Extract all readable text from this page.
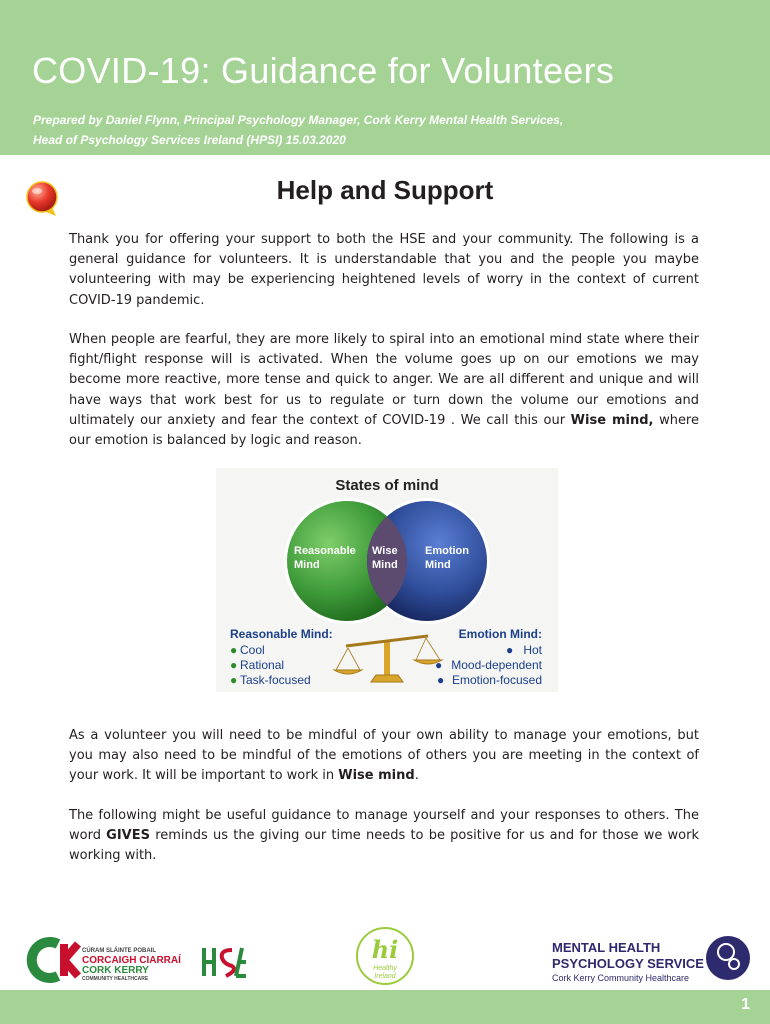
COVID-19: Guidance for Volunteers
Prepared by Daniel Flynn, Principal Psychology Manager, Cork Kerry Mental Health Services,
Head of Psychology Services Ireland (HPSI) 15.03.2020
Help and Support

Thank you for offering your support to both the HSE and your community. The following is a general guidance for volunteers. It is understandable that you and the people you maybe volunteering with may be experiencing heightened levels of worry in the context of current COVID-19 pandemic.

When people are fearful, they are more likely to spiral into an emotional mind state where their fight/flight response will is activated. When the volume goes up on our emotions we may become more reactive, more tense and quick to anger. We are all different and unique and will have ways that work best for us to regulate or turn down the volume our emotions and ultimately our anxiety and fear the context of COVID-19 . We call this our Wise mind, where our emotion is balanced by logic and reason.

States of mind
Reasonable
Mind
Wise
Mind
Emotion
Mind
Reasonable Mind:
● Cool
● Rational
● Task-focused
Emotion Mind:
Hot
Mood-dependent
Emotion-focused
●
●
●

As a volunteer you will need to be mindful of your own ability to manage your emotions, but you may also need to be mindful of the emotions of others you are meeting in the context of your work. It will be important to work in Wise mind.

The following might be useful guidance to manage yourself and your responses to others. The word GIVES reminds us the giving our time needs to be positive for us and for those we work working with.

CÚRAM SLÁINTE POBAIL
CORCAIGH CIARRAÍ
CORK KERRY
COMMUNITY HEALTHCARE
hi
Healthy
Ireland
MENTAL HEALTH
PSYCHOLOGY SERVICE
Cork Kerry Community Healthcare
1
